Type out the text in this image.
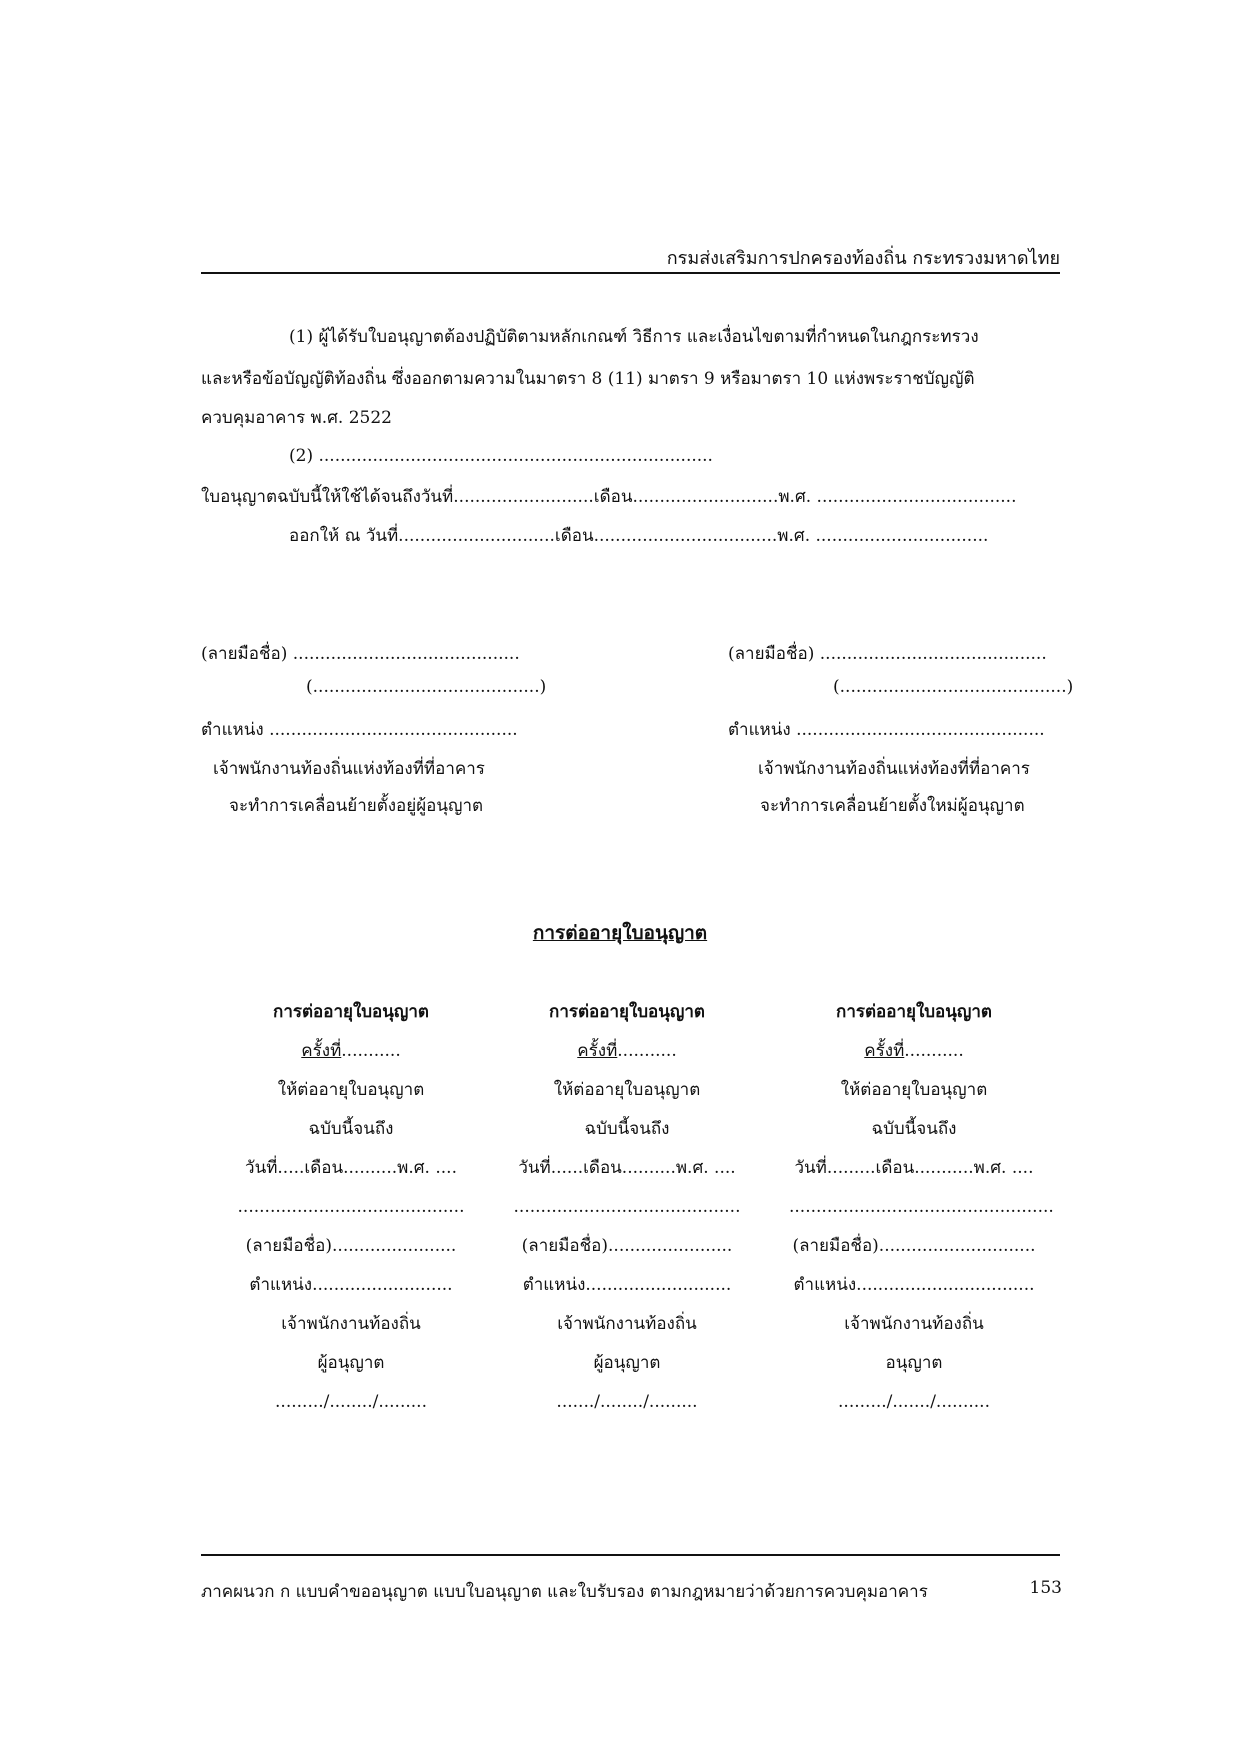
กรมส่งเสริมการปกครองท้องถิ่น กระทรวงมหาดไทย
(1) ผู้ได้รับใบอนุญาตต้องปฏิบัติตามหลักเกณฑ์ วิธีการ และเงื่อนไขตามที่กำหนดในกฎกระทรวง
และหรือข้อบัญญัติท้องถิ่น ซึ่งออกตามความในมาตรา 8 (11) มาตรา 9 หรือมาตรา 10 แห่งพระราชบัญญัติ
ควบคุมอาคาร พ.ศ. 2522
(2) .........................................................................
ใบอนุญาตฉบับนี้ให้ใช้ได้จนถึงวันที่..........................เดือน...........................พ.ศ. .....................................
ออกให้ ณ วันที่.............................เดือน..................................พ.ศ. ................................
(ลายมือชื่อ) ..........................................
(..........................................)
ตำแหน่ง ..............................................
เจ้าพนักงานท้องถิ่นแห่งท้องที่ที่อาคาร
จะทำการเคลื่อนย้ายตั้งอยู่ผู้อนุญาต
(ลายมือชื่อ) ..........................................
(..........................................)
ตำแหน่ง ..............................................
เจ้าพนักงานท้องถิ่นแห่งท้องที่ที่อาคาร
จะทำการเคลื่อนย้ายตั้งใหม่ผู้อนุญาต
การต่ออายุใบอนุญาต
การต่ออายุใบอนุญาต
ครั้งที่...........
ให้ต่ออายุใบอนุญาต
ฉบับนี้จนถึง
วันที่.....เดือน..........พ.ศ. ....
..........................................
(ลายมือชื่อ).......................
ตำแหน่ง..........................
เจ้าพนักงานท้องถิ่น
ผู้อนุญาต
........./......../.........
การต่ออายุใบอนุญาต
ครั้งที่...........
ให้ต่ออายุใบอนุญาต
ฉบับนี้จนถึง
วันที่......เดือน..........พ.ศ. ....
..........................................
(ลายมือชื่อ).......................
ตำแหน่ง...........................
เจ้าพนักงานท้องถิ่น
ผู้อนุญาต
......./......../.........
การต่ออายุใบอนุญาต
ครั้งที่...........
ให้ต่ออายุใบอนุญาต
ฉบับนี้จนถึง
วันที่.........เดือน...........พ.ศ. ....
.................................................
(ลายมือชื่อ).............................
ตำแหน่ง.................................
เจ้าพนักงานท้องถิ่น
อนุญาต
........./......./..........
ภาคผนวก ก แบบคำขออนุญาต แบบใบอนุญาต และใบรับรอง ตามกฎหมายว่าด้วยการควบคุมอาคาร	153
